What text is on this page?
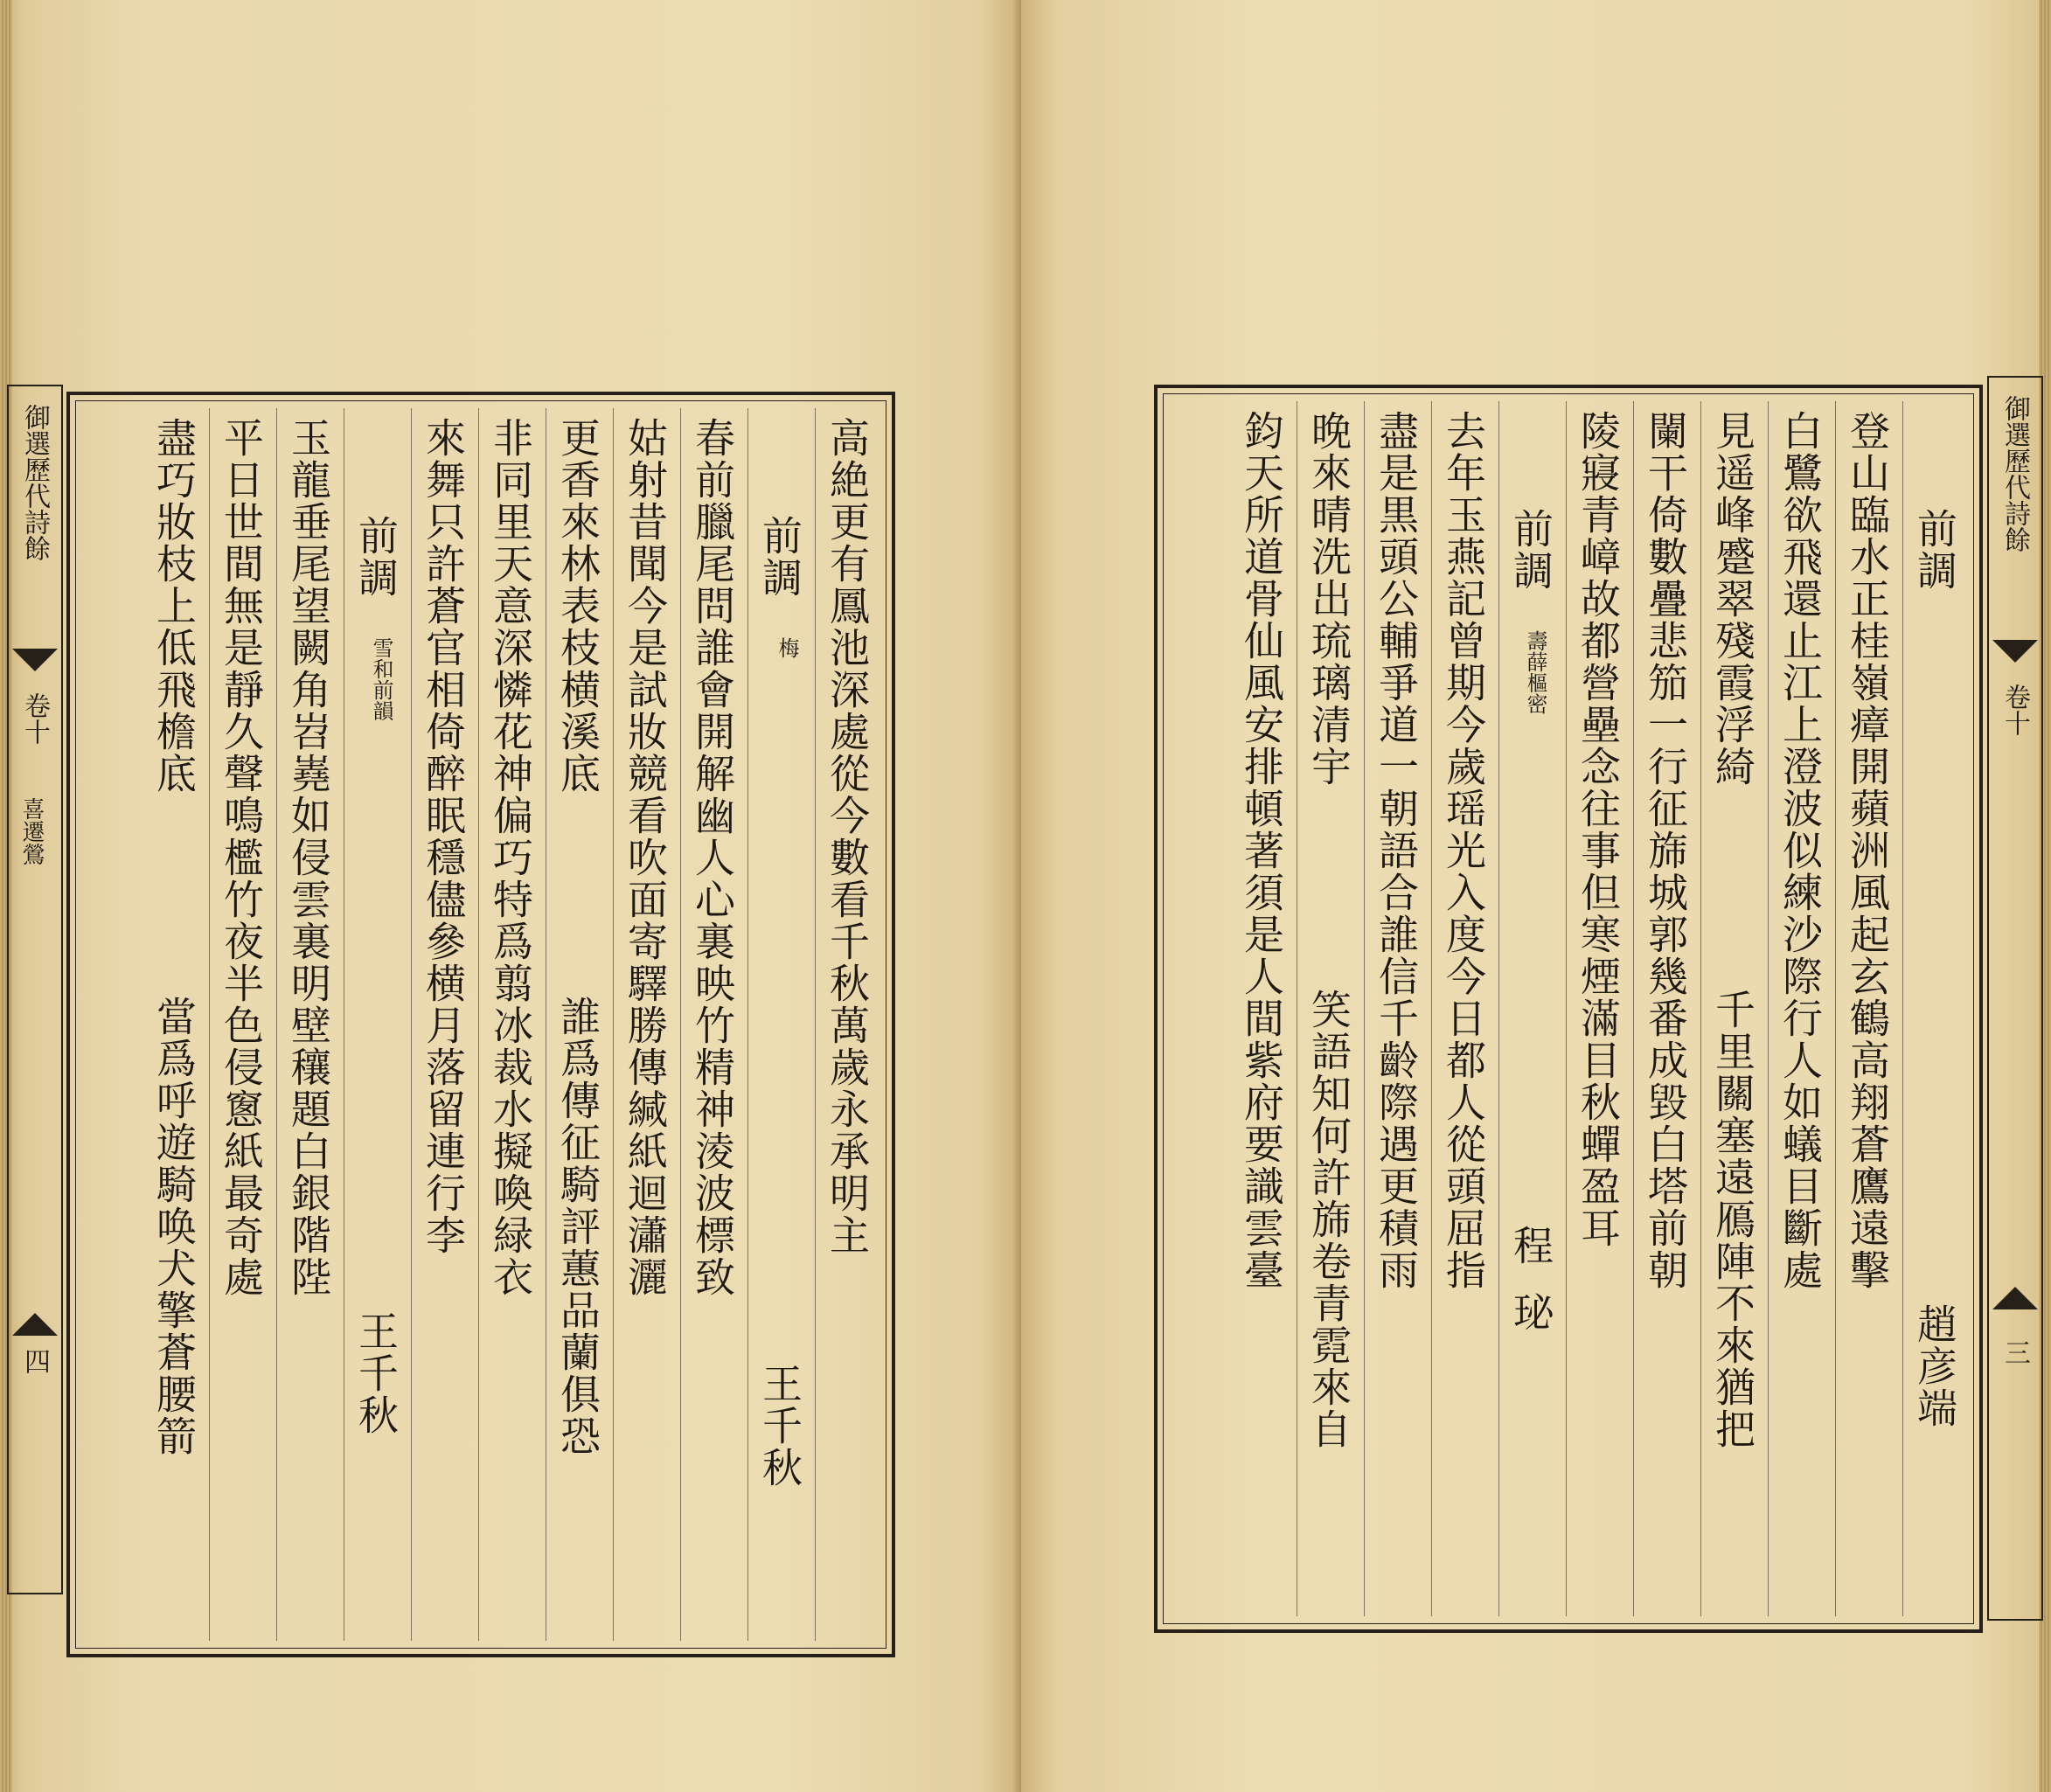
御選歷代詩餘
卷十
喜遷鶯
四
高絶更有鳳池深處從今數看千秋萬歲永承明主
前調
梅
王千秋
春前臘尾問誰會開解幽人心裏映竹精神淩波標致
姑射昔聞今是試妝競看吹面寄驛勝傳緘紙迴瀟灑
更香來林表枝横溪底
誰爲傳征騎評蕙品蘭俱恐
非同里天意深憐花神偏巧特爲翦冰裁水擬喚緑衣
來舞只許蒼官相倚醉眠穩儘參横月落留連行李
前調
雪和前韻
王千秋
玉龍垂尾望闕角岧嶤如侵雲裏明壁穰題白銀階陛
平日世間無是靜久聲鳴檻竹夜半色侵窻紙最奇處
盡巧妝枝上低飛檐底
當爲呼遊騎唤犬擎蒼腰箭
前調
趙彦端
登山臨水正桂嶺瘴開蘋洲風起玄鶴高翔蒼鷹遠擊
白鷺欲飛還止江上澄波似練沙際行人如蟻目斷處
見遥峰蹙翠殘霞浮綺
千里關塞遠鴈陣不來猶把
闌干倚數疊悲笳一行征旆城郭幾番成毀白塔前朝
陵寢青嶂故都營壘念往事但寒煙滿目秋蟬盈耳
前調
壽薛樞密
程珌
去年玉燕記曾期今歲瑶光入度今日都人從頭屈指
盡是黒頭公輔爭道一朝語合誰信千齡際遇更積雨
晚來晴洗出琉璃清宇
笑語知何許旆卷青霓來自
鈞天所道骨仙風安排頓著須是人間紫府要識雲臺	御選歷代詩餘
卷十
三
